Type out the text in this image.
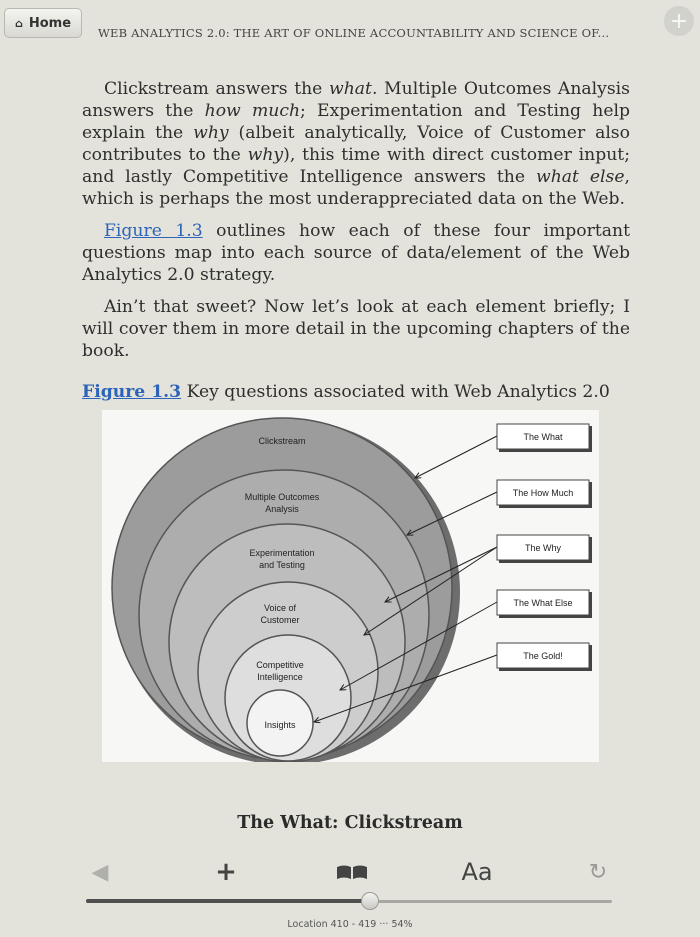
⌂ Home
WEB ANALYTICS 2.0: THE ART OF ONLINE ACCOUNTABILITY AND SCIENCE OF...	+

Clickstream answers the what. Multiple Outcomes Analysis answers the how much; Experimentation and Testing help explain the why (albeit analytically, Voice of Customer also contributes to the why), this time with direct customer input; and lastly Competitive Intelligence answers the what else, which is perhaps the most underappreciated data on the Web.

Figure 1.3 outlines how each of these four important questions map into each source of data/element of the Web Analytics 2.0 strategy.

Ain’t that sweet? Now let’s look at each element briefly; I will cover them in more detail in the upcoming chapters of the book.

Figure 1.3 Key questions associated with Web Analytics 2.0
Clickstream
Multiple Outcomes
Analysis
Experimentation
and Testing
Voice of
Customer
Competitive
Intelligence
Insights
The What
The How Much
The Why
The What Else
The Gold!
The What: Clickstream
◀	+	Aa	↻
Location 410 - 419 ··· 54%
